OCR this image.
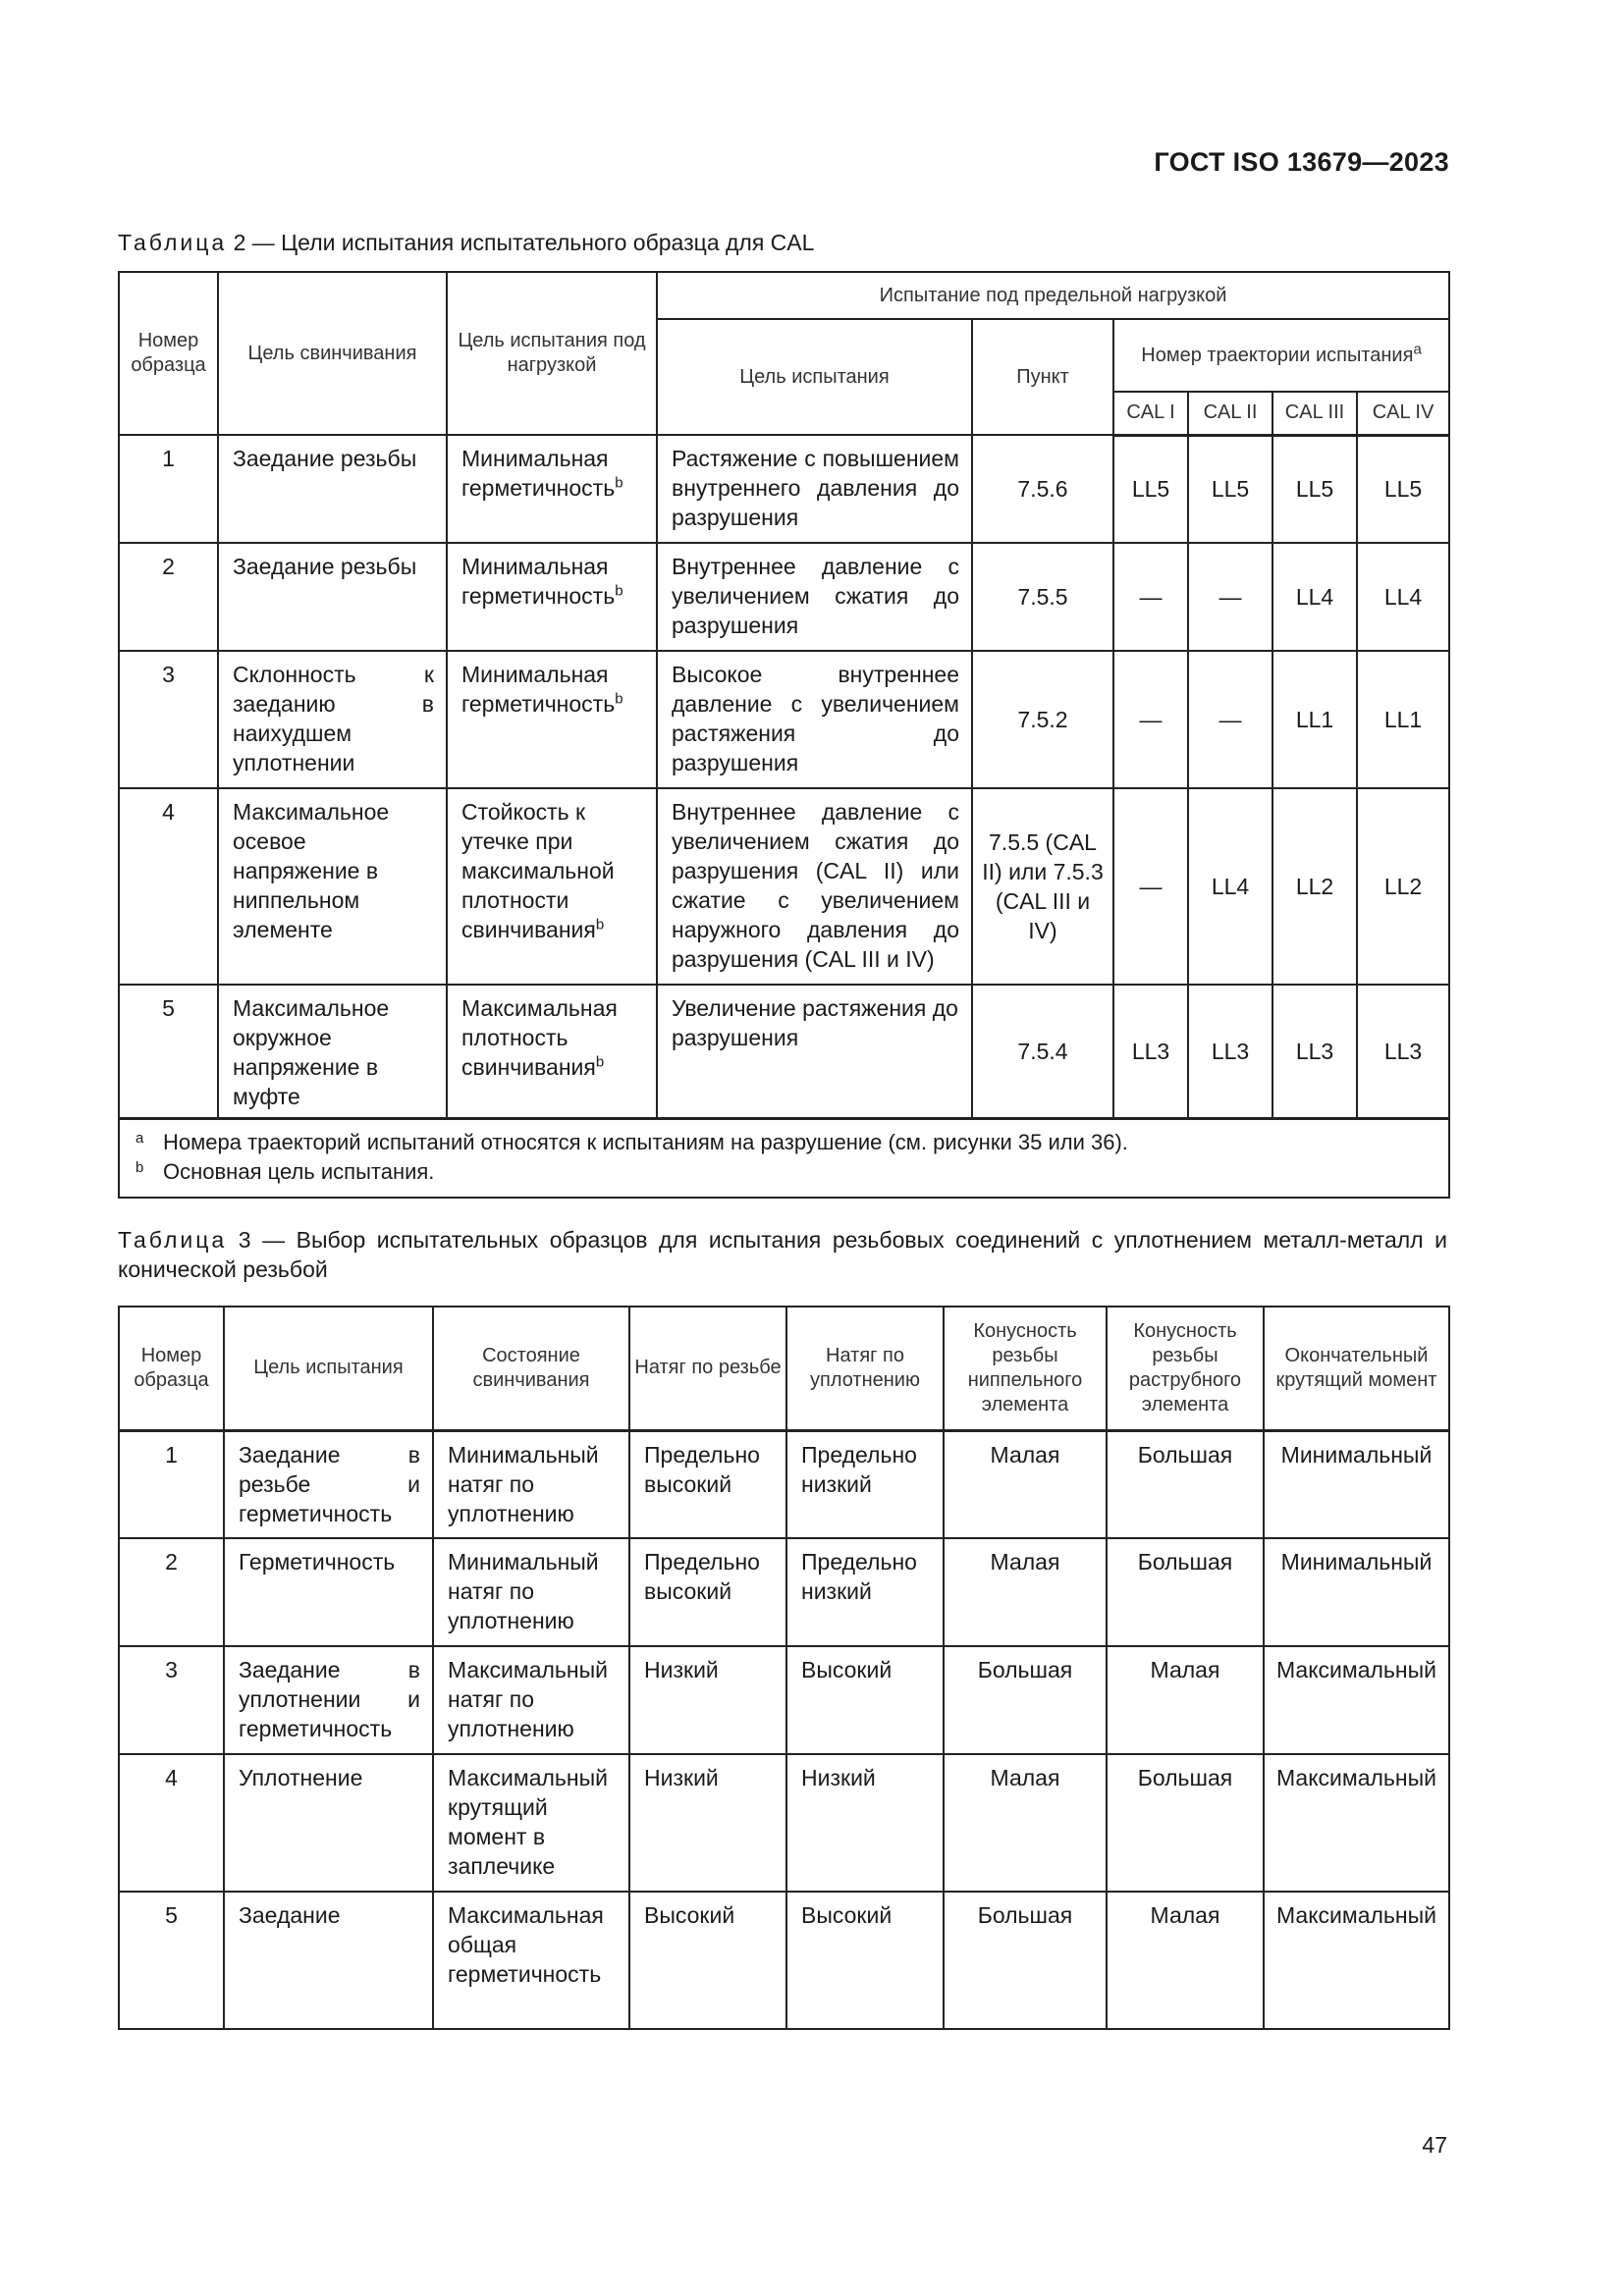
ГОСТ ISO 13679—2023
Таблица 2 — Цели испытания испытательного образца для CAL
Номер образца	Цель свинчивания	Цель испытания под нагрузкой	Испытание под предельной нагрузкой					
			Цель испытания	Пункт	Номер траектории испытания$^a$
					CAL I	CAL II	CAL III	CAL IV
1	Заедание резьбы	Минимальная герметичность$^b$	Растяжение с повышением внутреннего давления до разрушения	7.5.6	LL5	LL5	LL5	LL5
2	Заедание резьбы	Минимальная герметичность$^b$	Внутреннее давление с увеличением сжатия до разрушения	7.5.5	—	—	LL4	LL4
3	Склонность к заеданию в наихудшем уплотнении	Минимальная герметичность$^b$	Высокое внутреннее давление с увеличением растяжения до разрушения	7.5.2	—	—	LL1	LL1
4	Максимальное осевое напряжение в ниппельном элементе	Стойкость к утечке при максимальной плотности свинчивания$^b$	Внутреннее давление с увеличением сжатия до разрушения (CAL II) или сжатие с увеличением наружного давления до разрушения (CAL III и IV)	7.5.5 (CAL II) или 7.5.3 (CAL III и IV)	—	LL4	LL2	LL2
5	Максимальное окружное напряжение в муфте	Максимальная плотность свинчивания$^b$	Увеличение растяжения до разрушения	7.5.4	LL3	LL3	LL3	LL3

a Номера траекторий испытаний относятся к испытаниям на разрушение (см. рисунки 35 или 36).
b Основная цель испытания.								
Таблица 3 — Выбор испытательных образцов для испытания резьбовых соединений с уплотнением металл-металл и конической резьбой
Номер образца	Цель испытания	Состояние свинчивания	Натяг по резьбе	Натяг по уплотнению	Конусность резьбы ниппельного элемента	Конусность резьбы раструбного элемента	Окончательный крутящий момент
1	Заедание в резьбе и герметичность	Минимальный натяг по уплотнению	Предельно высокий	Предельно низкий	Малая	Большая	Минимальный
2	Герметичность	Минимальный натяг по уплотнению	Предельно высокий	Предельно низкий	Малая	Большая	Минимальный
3	Заедание в уплотнении и герметичность	Максимальный натяг по уплотнению	Низкий	Высокий	Большая	Малая	Максимальный
4	Уплотнение	Максимальный крутящий момент в заплечике	Низкий	Низкий	Малая	Большая	Максимальный
5	Заедание	Максимальная общая герметичность	Высокий	Высокий	Большая	Малая	Максимальный
47
